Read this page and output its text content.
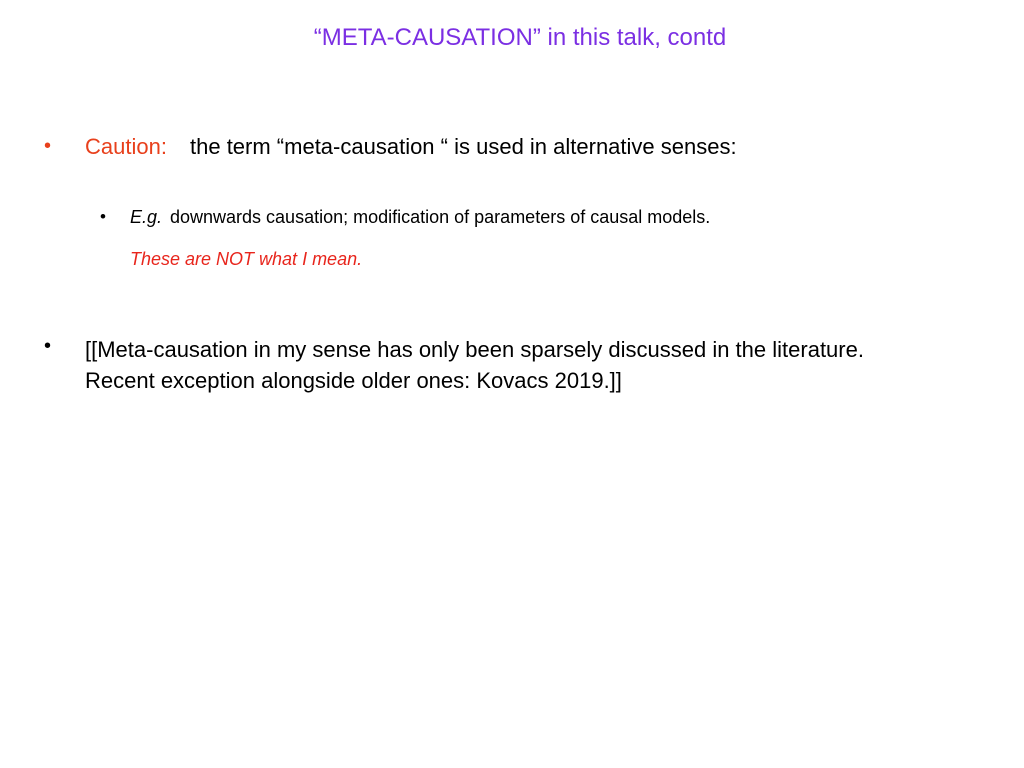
“META-CAUSATION” in this talk, contd
• Caution: the term “meta-causation “ is used in alternative senses:
• E.g. downwards causation; modification of parameters of causal models.
These are NOT what I mean.
• [[Meta-causation in my sense has only been sparsely discussed in the literature.
Recent exception alongside older ones: Kovacs 2019.]]
